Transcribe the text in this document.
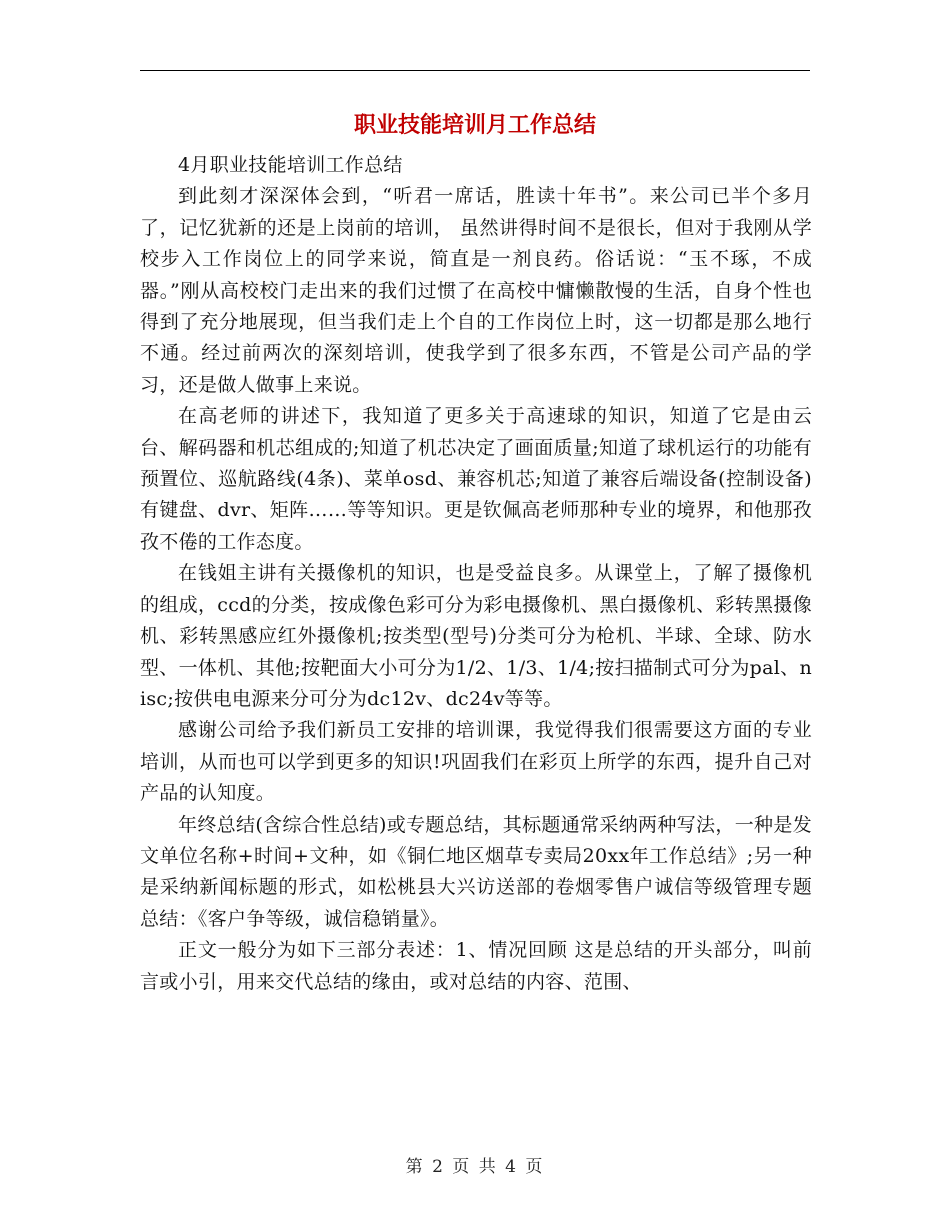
职业技能培训月工作总结

4月职业技能培训工作总结

到此刻才深深体会到，“听君一席话，胜读十年书”。来公司已半个多月了，记忆犹新的还是上岗前的培训， 虽然讲得时间不是很长，但对于我刚从学校步入工作岗位上的同学来说，简直是一剂良药。俗话说：“玉不琢，不成器。”刚从高校校门走出来的我们过惯了在高校中慵懒散慢的生活，自身个性也得到了充分地展现，但当我们走上个自的工作岗位上时，这一切都是那么地行不通。经过前两次的深刻培训，使我学到了很多东西，不管是公司产品的学习，还是做人做事上来说。

在高老师的讲述下，我知道了更多关于高速球的知识，知道了它是由云台、解码器和机芯组成的;知道了机芯决定了画面质量;知道了球机运行的功能有预置位、巡航路线(4条)、菜单osd、兼容机芯;知道了兼容后端设备(控制设备)有键盘、dvr、矩阵……等等知识。更是钦佩高老师那种专业的境界，和他那孜孜不倦的工作态度。

在钱姐主讲有关摄像机的知识，也是受益良多。从课堂上，了解了摄像机的组成，ccd的分类，按成像色彩可分为彩电摄像机、黑白摄像机、彩转黑摄像机、彩转黑感应红外摄像机;按类型(型号)分类可分为枪机、半球、全球、防水型、一体机、其他;按靶面大小可分为1/2、1/3、1/4;按扫描制式可分为pal、nisc;按供电电源来分可分为dc12v、dc24v等等。

感谢公司给予我们新员工安排的培训课，我觉得我们很需要这方面的专业培训，从而也可以学到更多的知识!巩固我们在彩页上所学的东西，提升自己对产品的认知度。

年终总结(含综合性总结)或专题总结，其标题通常采纳两种写法，一种是发文单位名称+时间+文种，如《铜仁地区烟草专卖局20xx年工作总结》;另一种是采纳新闻标题的形式，如松桃县大兴访送部的卷烟零售户诚信等级管理专题总结：《客户争等级，诚信稳销量》。

正文一般分为如下三部分表述：1、情况回顾 这是总结的开头部分，叫前言或小引，用来交代总结的缘由，或对总结的内容、范围、

第 2 页 共 4 页
